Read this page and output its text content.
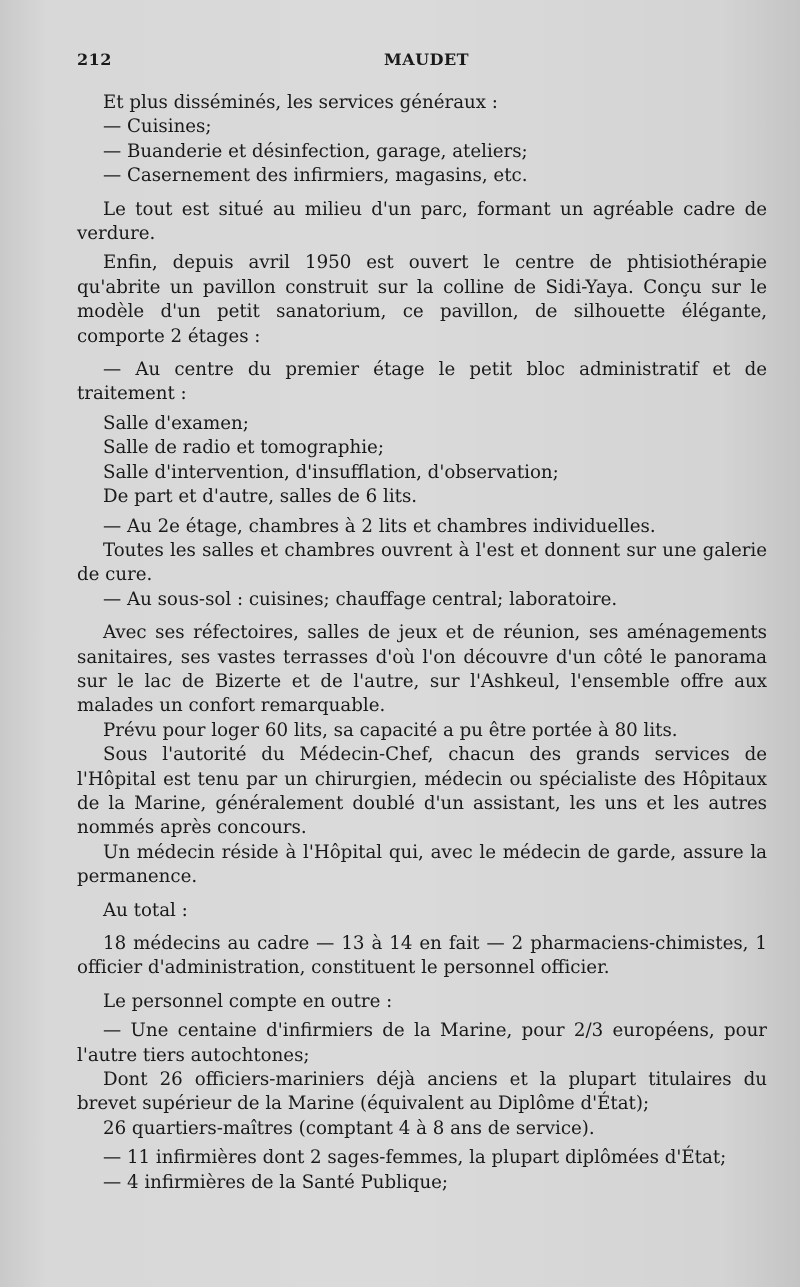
212	MAUDET

Et plus disséminés, les services généraux :

— Cuisines;

— Buanderie et désinfection, garage, ateliers;

— Casernement des infirmiers, magasins, etc.

Le tout est situé au milieu d'un parc, formant un agréable cadre de verdure.

Enfin, depuis avril 1950 est ouvert le centre de phtisiothérapie qu'abrite un pavillon construit sur la colline de Sidi-Yaya. Conçu sur le modèle d'un petit sanatorium, ce pavillon, de silhouette élégante, comporte 2 étages :

— Au centre du premier étage le petit bloc administratif et de traitement :

Salle d'examen;

Salle de radio et tomographie;

Salle d'intervention, d'insufflation, d'observation;

De part et d'autre, salles de 6 lits.

— Au 2e étage, chambres à 2 lits et chambres individuelles.

Toutes les salles et chambres ouvrent à l'est et donnent sur une galerie de cure.

— Au sous-sol : cuisines; chauffage central; laboratoire.

Avec ses réfectoires, salles de jeux et de réunion, ses aménagements sanitaires, ses vastes terrasses d'où l'on découvre d'un côté le panorama sur le lac de Bizerte et de l'autre, sur l'Ashkeul, l'ensemble offre aux malades un confort remarquable.

Prévu pour loger 60 lits, sa capacité a pu être portée à 80 lits.

Sous l'autorité du Médecin-Chef, chacun des grands services de l'Hôpital est tenu par un chirurgien, médecin ou spécialiste des Hôpitaux de la Marine, généralement doublé d'un assistant, les uns et les autres nommés après concours.

Un médecin réside à l'Hôpital qui, avec le médecin de garde, assure la permanence.

Au total :

18 médecins au cadre — 13 à 14 en fait — 2 pharmaciens-chimistes, 1 officier d'administration, constituent le personnel officier.

Le personnel compte en outre :

— Une centaine d'infirmiers de la Marine, pour 2/3 européens, pour l'autre tiers autochtones;

Dont 26 officiers-mariniers déjà anciens et la plupart titulaires du brevet supérieur de la Marine (équivalent au Diplôme d'État);

26 quartiers-maîtres (comptant 4 à 8 ans de service).

— 11 infirmières dont 2 sages-femmes, la plupart diplômées d'État;

— 4 infirmières de la Santé Publique;
